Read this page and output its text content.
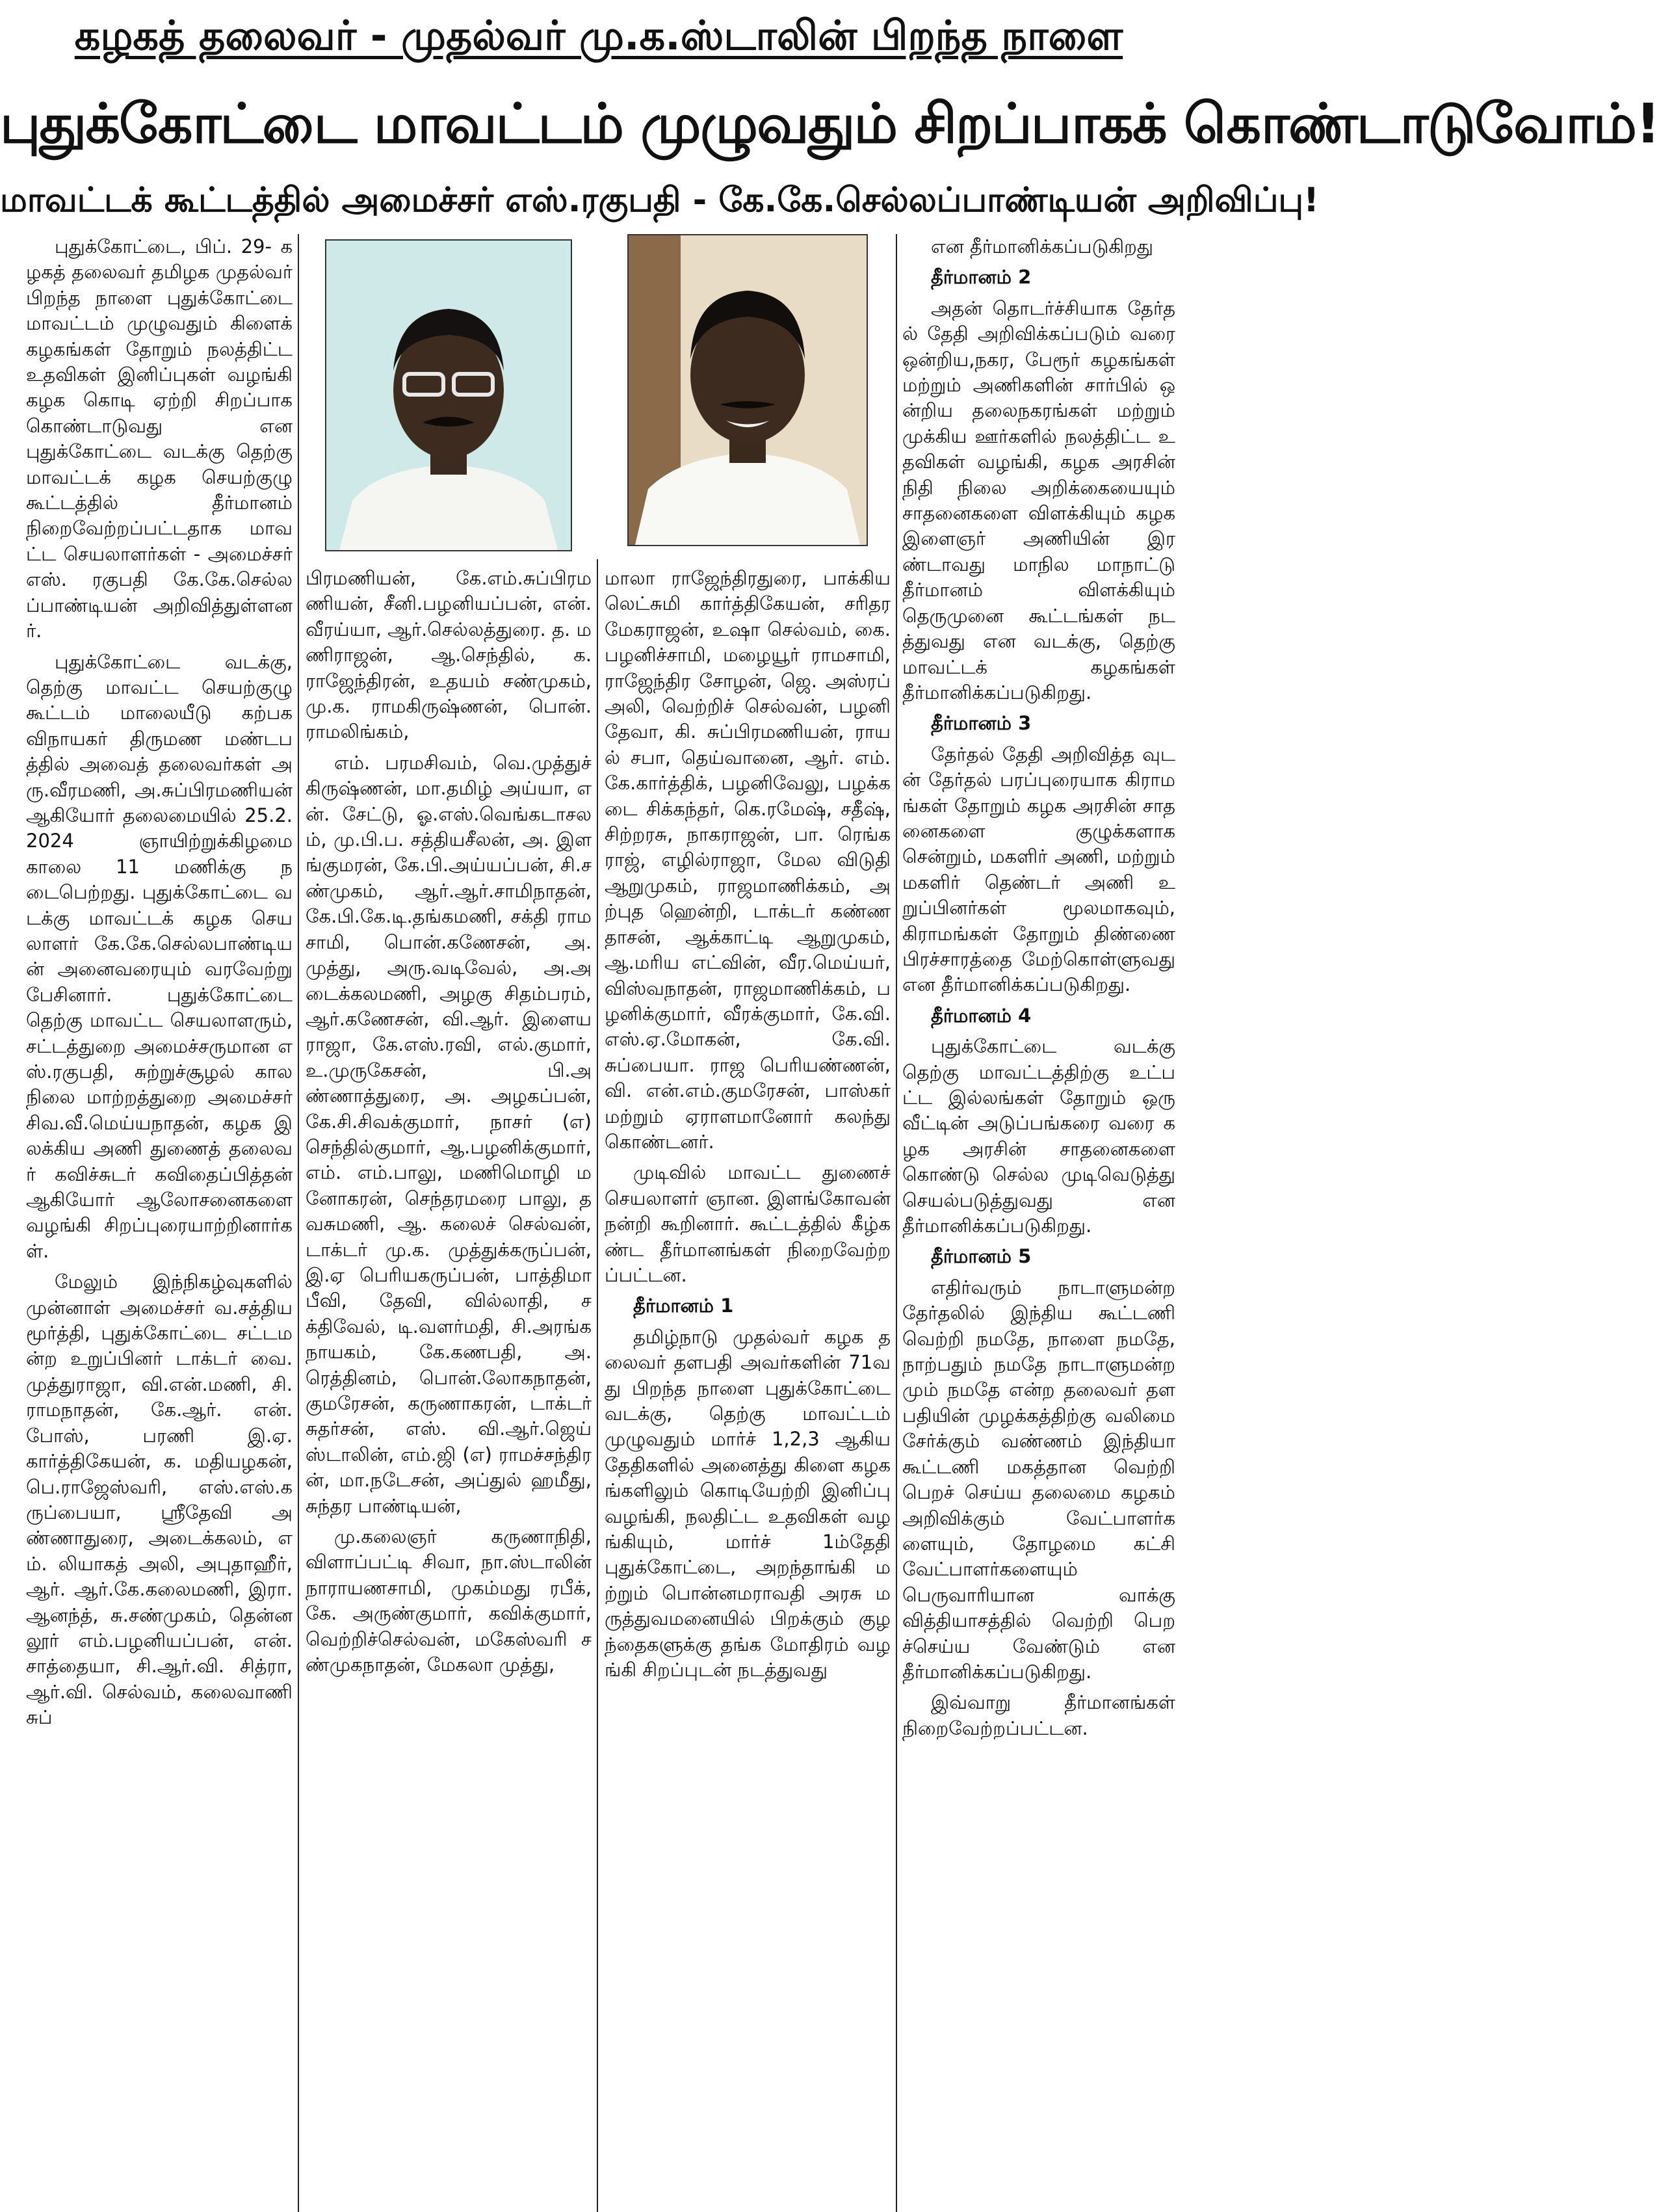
கழகத் தலைவர் - முதல்வர் மு.க.ஸ்டாலின் பிறந்த நாளை
புதுக்கோட்டை மாவட்டம் முழுவதும் சிறப்பாகக் கொண்டாடுவோம்!
மாவட்டக் கூட்டத்தில் அமைச்சர் எஸ்.ரகுபதி - கே.கே.செல்லப்பாண்டியன் அறிவிப்பு!

புதுக்கோட்டை, பிப். 29- கழகத் தலைவர் தமிழக முதல்வர் பிறந்த நாளை புதுக்கோட்டை மாவட்டம் முழுவதும் கிளைக் கழகங்கள் தோறும் நலத்திட்ட உதவிகள் இனிப்புகள் வழங்கி கழக கொடி ஏற்றி சிறப்பாக கொண்டாடுவது என புதுக்கோட்டை வடக்கு தெற்கு மாவட்டக் கழக செயற்குழு கூட்டத்தில் தீர்மானம் நிறைவேற்றப்பட்டதாக மாவட்ட செயலாளர்கள் - அமைச்சர் எஸ். ரகுபதி கே.கே.செல்லப்பாண்டியன் அறிவித்துள்ளனர்.

புதுக்கோட்டை வடக்கு, தெற்கு மாவட்ட செயற்குழு கூட்டம் மாலையீடு கற்பக விநாயகர் திருமண மண்டபத்தில் அவைத் தலைவர்கள் அரு.வீரமணி, அ.சுப்பிரமணியன் ஆகியோர் தலைமையில் 25.2.2024 ஞாயிற்றுக்கிழமை காலை 11 மணிக்கு நடைபெற்றது. புதுக்கோட்டை வடக்கு மாவட்டக் கழக செயலாளர் கே.கே.செல்லபாண்டியன் அனைவரையும் வரவேற்று பேசினார். புதுக்கோட்டை தெற்கு மாவட்ட செயலாளரும், சட்டத்துறை அமைச்சருமான எஸ்.ரகுபதி, சுற்றுச்சூழல் காலநிலை மாற்றத்துறை அமைச்சர் சிவ.வீ.மெய்யநாதன், கழக இலக்கிய அணி துணைத் தலைவர் கவிச்சுடர் கவிதைப்பித்தன் ஆகியோர் ஆலோசனைகளை வழங்கி சிறப்புரையாற்றினார்கள்.

மேலும் இந்நிகழ்வுகளில் முன்னாள் அமைச்சர் வ.சத்தியமூர்த்தி, புதுக்கோட்டை சட்டமன்ற உறுப்பினர் டாக்டர் வை. முத்துராஜா, வி.என்.மணி, சி.ராமநாதன், கே.ஆர். என்.போஸ், பரணி இ.ஏ. கார்த்திகேயன், க. மதியழகன், பெ.ராஜேஸ்வரி, எஸ்.எஸ்.கருப்பையா, ஸ்ரீதேவி அண்ணாதுரை, அடைக்கலம், எம். லியாகத் அலி, அபுதாஹீர், ஆர். ஆர்.கே.கலைமணி, இரா. ஆனந்த், சு.சண்முகம், தென்னலூர் எம்.பழனியப்பன், என்.சாத்தையா, சி.ஆர்.வி. சித்ரா, ஆர்.வி. செல்வம், கலைவாணி சுப்

பிரமணியன், கே.எம்.சுப்பிரமணியன், சீனி.பழனியப்பன், என். வீரய்யா, ஆர்.செல்லத்துரை. த. மணிராஜன், ஆ.செந்தில், க. ராஜேந்திரன், உதயம் சண்முகம், மு.க. ராமகிருஷ்ணன், பொன்.ராமலிங்கம்,

எம். பரமசிவம், வெ.முத்துச் கிருஷ்ணன், மா.தமிழ் அய்யா, என். சேட்டு, ஓ.எஸ்.வெங்கடாசலம், மு.பி.ப. சத்தியசீலன், அ. இளங்குமரன், கே.பி.அய்யப்பன், சி.சண்முகம், ஆர்.ஆர்.சாமிநாதன், கே.பி.கே.டி.தங்கமணி, சக்தி ராமசாமி, பொன்.கணேசன், அ.முத்து, அரு.வடிவேல், அ.அடைக்கலமணி, அழகு சிதம்பரம், ஆர்.கணேசன், வி.ஆர். இளையராஜா, கே.எஸ்.ரவி, எல்.குமார், உ.முருகேசன், பி.அண்ணாத்துரை, அ. அழகப்பன், கே.சி.சிவக்குமார், நாசர் (எ) செந்தில்குமார், ஆ.பழனிக்குமார், எம். எம்.பாலு, மணிமொழி மனோகரன், செந்தரமரை பாலு, தவசுமணி, ஆ. கலைச் செல்வன், டாக்டர் மு.க. முத்துக்கருப்பன், இ.ஏ பெரியகருப்பன், பாத்திமா பீவி, தேவி, வில்லாதி, சக்திவேல், டி.வளர்மதி, சி.அரங்கநாயகம், கே.கணபதி, அ. ரெத்தினம், பொன்.லோகநாதன், குமரேசன், கருணாகரன், டாக்டர் சுதர்சன், எஸ். வி.ஆர்.ஜெய் ஸ்டாலின், எம்.ஜி (எ) ராமச்சந்திரன், மா.நடேசன், அப்துல் ஹமீது, சுந்தர பாண்டியன்,

மு.கலைஞர் கருணாநிதி, விளாப்பட்டி சிவா, நா.ஸ்டாலின் நாராயணசாமி, முகம்மது ரபீக், கே. அருண்குமார், கவிக்குமார், வெற்றிச்செல்வன், மகேஸ்வரி சண்முகநாதன், மேகலா முத்து,

மாலா ராஜேந்திரதுரை, பாக்கிய லெட்சுமி கார்த்திகேயன், சரிதர மேகராஜன், உஷா செல்வம், கை. பழனிச்சாமி, மழையூர் ராமசாமி, ராஜேந்திர சோழன், ஜெ. அஸ்ரப் அலி, வெற்றிச் செல்வன், பழனி தேவா, கி. சுப்பிரமணியன், ராயல் சபா, தெய்வானை, ஆர். எம்.கே.கார்த்திக், பழனிவேலு, பழக்கடை சிக்கந்தர், கெ.ரமேஷ், சதீஷ், சிற்றரசு, நாகராஜன், பா. ரெங்கராஜ், எழில்ராஜா, மேல விடுதி ஆறுமுகம், ராஜமாணிக்கம், அற்புத ஹென்றி, டாக்டர் கண்ணதாசன், ஆக்காட்டி ஆறுமுகம், ஆ.மரிய எட்வின், வீர.மெய்யர், விஸ்வநாதன், ராஜமாணிக்கம், பழனிக்குமார், வீரக்குமார், கே.வி. எஸ்.ஏ.மோகன், கே.வி. சுப்பையா. ராஜ பெரியண்ணன், வி. என்.எம்.குமரேசன், பாஸ்கர் மற்றும் ஏராளமானோர் கலந்து கொண்டனர்.

முடிவில் மாவட்ட துணைச் செயலாளர் ஞான. இளங்கோவன் நன்றி கூறினார். கூட்டத்தில் கீழ்கண்ட தீர்மானங்கள் நிறைவேற்றப்பட்டன.

தீர்மானம் 1

தமிழ்நாடு முதல்வர் கழக தலைவர் தளபதி அவர்களின் 71வது பிறந்த நாளை புதுக்கோட்டை வடக்கு, தெற்கு மாவட்டம் முழுவதும் மார்ச் 1,2,3 ஆகிய தேதிகளில் அனைத்து கிளை கழகங்களிலும் கொடியேற்றி இனிப்பு வழங்கி, நலதிட்ட உதவிகள் வழங்கியும், மார்ச் 1ம்தேதி புதுக்கோட்டை, அறந்தாங்கி மற்றும் பொன்னமராவதி அரசு மருத்துவமனையில் பிறக்கும் குழந்தைகளுக்கு தங்க மோதிரம் வழங்கி சிறப்புடன் நடத்துவது

என தீர்மானிக்கப்படுகிறது

தீர்மானம் 2

அதன் தொடர்ச்சியாக தேர்தல் தேதி அறிவிக்கப்படும் வரை ஒன்றிய,நகர, பேரூர் கழகங்கள் மற்றும் அணிகளின் சார்பில் ஒன்றிய தலைநகரங்கள் மற்றும் முக்கிய ஊர்களில் நலத்திட்ட உதவிகள் வழங்கி, கழக அரசின் நிதி நிலை அறிக்கையையும் சாதனைகளை விளக்கியும் கழக இளைஞர் அணியின் இரண்டாவது மாநில மாநாட்டு தீர்மானம் விளக்கியும் தெருமுனை கூட்டங்கள் நடத்துவது என வடக்கு, தெற்கு மாவட்டக் கழகங்கள் தீர்மானிக்கப்படுகிறது.

தீர்மானம் 3

தேர்தல் தேதி அறிவித்த வுடன் தேர்தல் பரப்புரையாக கிராமங்கள் தோறும் கழக அரசின் சாதனைகளை குழுக்களாக சென்றும், மகளிர் அணி, மற்றும் மகளிர் தெண்டர் அணி உறுப்பினர்கள் மூலமாகவும், கிராமங்கள் தோறும் திண்ணை பிரச்சாரத்தை மேற்கொள்ளுவது என தீர்மானிக்கப்படுகிறது.

தீர்மானம் 4

புதுக்கோட்டை வடக்கு தெற்கு மாவட்டத்திற்கு உட்பட்ட இல்லங்கள் தோறும் ஒரு வீட்டின் அடுப்பங்கரை வரை கழக அரசின் சாதனைகளை கொண்டு செல்ல முடிவெடுத்து செயல்படுத்துவது என தீர்மானிக்கப்படுகிறது.

தீர்மானம் 5

எதிர்வரும் நாடாளுமன்ற தேர்தலில் இந்திய கூட்டணி வெற்றி நமதே, நாளை நமதே, நாற்பதும் நமதே நாடாளுமன்றமும் நமதே என்ற தலைவர் தளபதியின் முழக்கத்திற்கு வலிமை சேர்க்கும் வண்ணம் இந்தியா கூட்டணி மகத்தான வெற்றி பெறச் செய்ய தலைமை கழகம் அறிவிக்கும் வேட்பாளர்களையும், தோழமை கட்சி வேட்பாளர்களையும் பெருவாரியான வாக்கு வித்தியாசத்தில் வெற்றி பெறச்செய்ய வேண்டும் என தீர்மானிக்கப்படுகிறது.

இவ்வாறு தீர்மானங்கள் நிறைவேற்றப்பட்டன.
